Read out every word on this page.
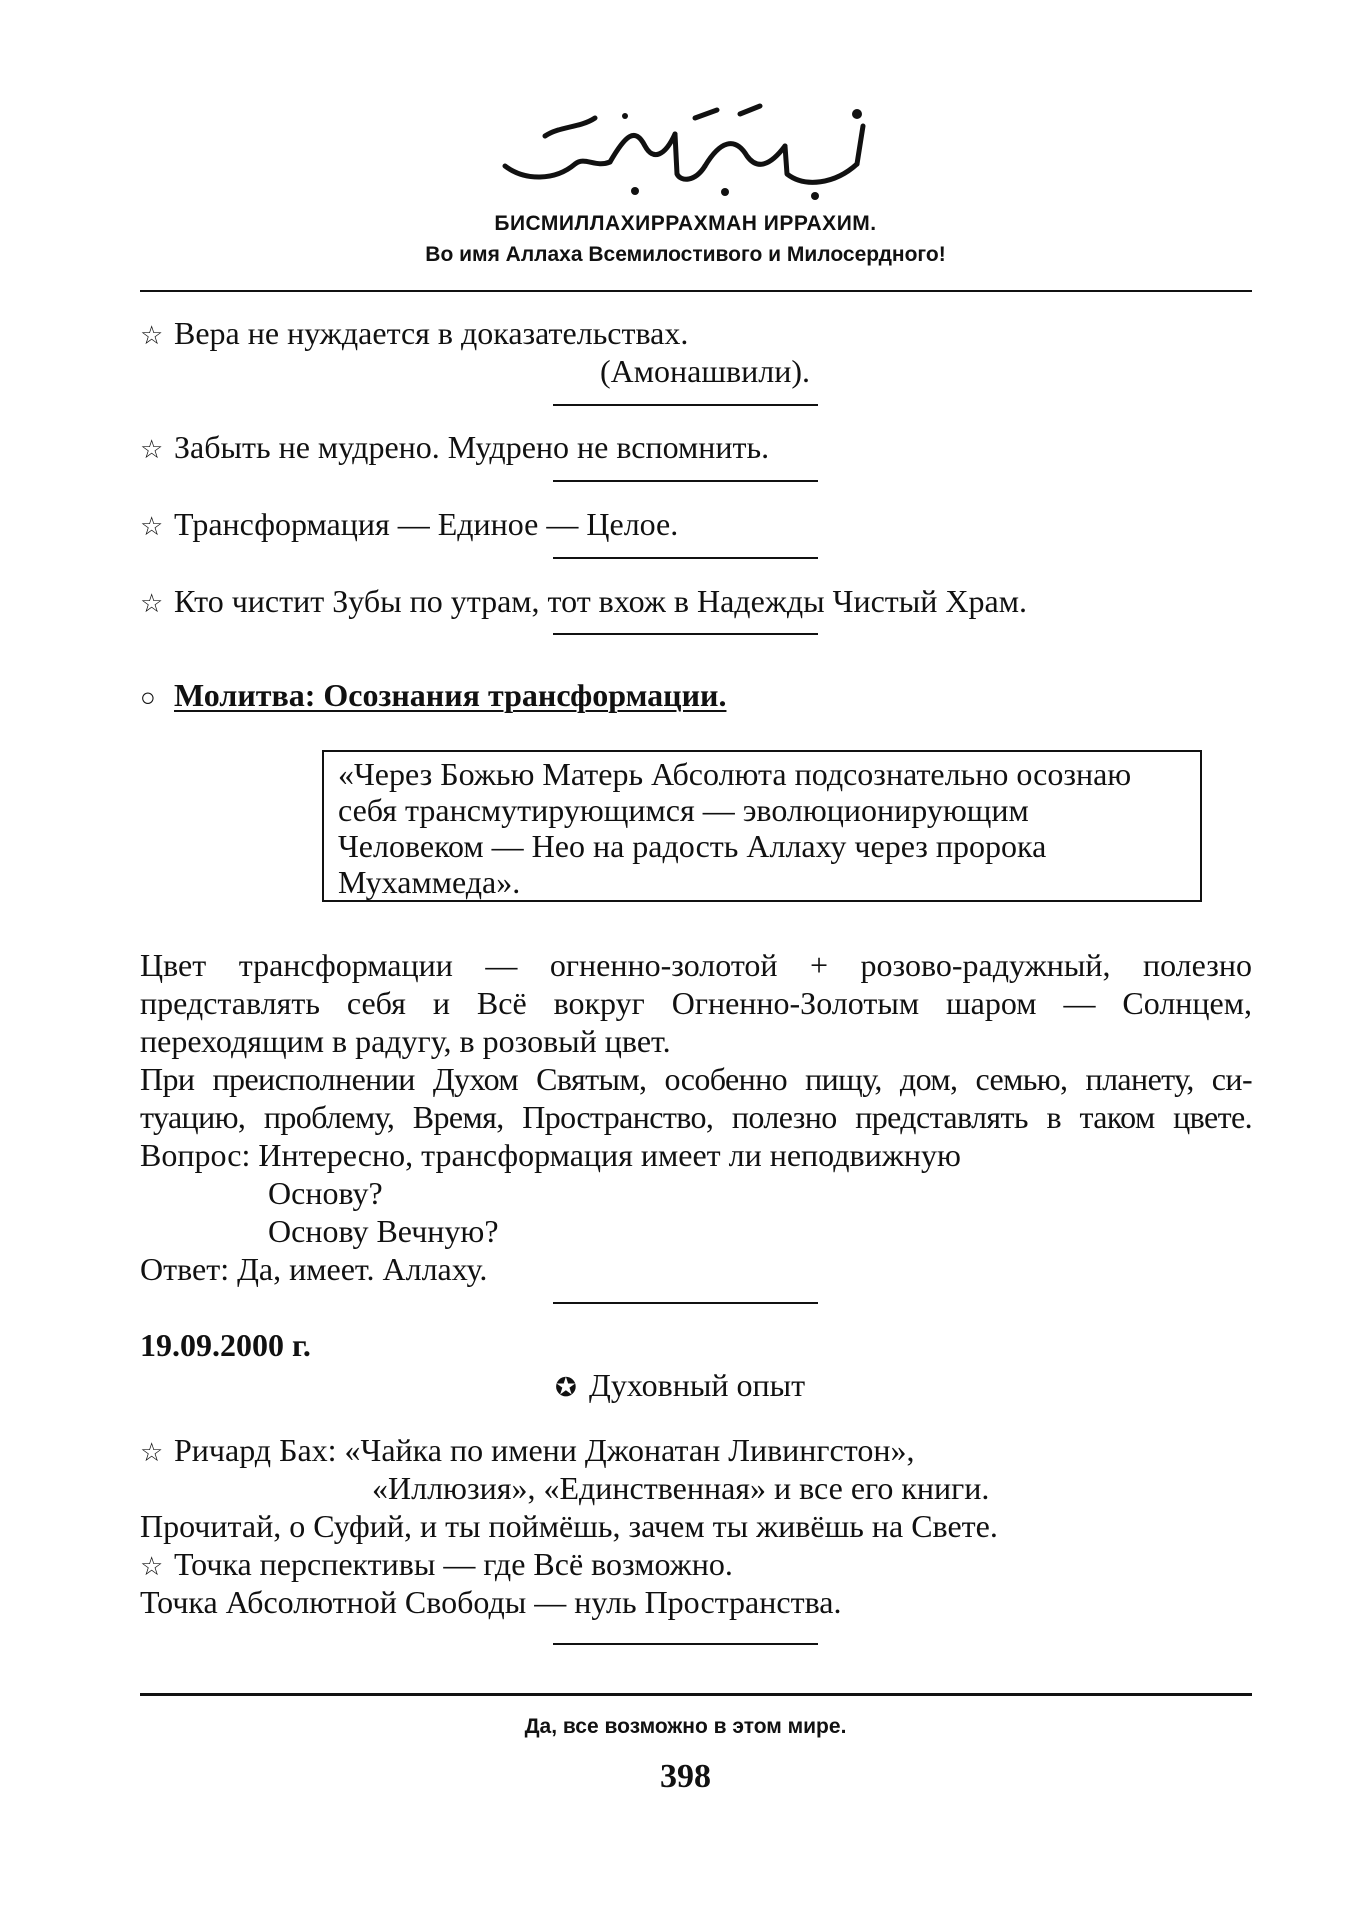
БИСМИЛЛАХИРРАХМАН ИРРАХИМ.
Во имя Аллаха Всемилостивого и Милосердного!
☆ Вера не нуждается в доказательствах.
(Амонашвили).
☆ Забыть не мудрено. Мудрено не вспомнить.
☆ Трансформация — Единое — Целое.
☆ Кто чистит Зубы по утрам, тот вхож в Надежды Чистый Храм.
○ Молитва: Осознания трансформации.
«Через Божью Матерь Абсолюта подсознательно осознаю
себя трансмутирующимся — эволюционирующим
Человеком — Нео на радость Аллаху через пророка
Мухаммеда».
Цвет трансформации — огненно-золотой + розово-радужный, полезно
представлять себя и Всё вокруг Огненно-Золотым шаром — Солнцем,
переходящим в радугу, в розовый цвет.
При преисполнении Духом Святым, особенно пищу, дом, семью, планету, си-
туацию, проблему, Время, Пространство, полезно представлять в таком цвете.
Вопрос: Интересно, трансформация имеет ли неподвижную
Основу?
Основу Вечную?
Ответ: Да, имеет. Аллаху.
19.09.2000 г.
✪ Духовный опыт
☆ Ричард Бах: «Чайка по имени Джонатан Ливингстон»,
«Иллюзия», «Единственная» и все его книги.
Прочитай, о Суфий, и ты поймёшь, зачем ты живёшь на Свете.
☆ Точка перспективы — где Всё возможно.
Точка Абсолютной Свободы — нуль Пространства.
Да, все возможно в этом мире.
398
